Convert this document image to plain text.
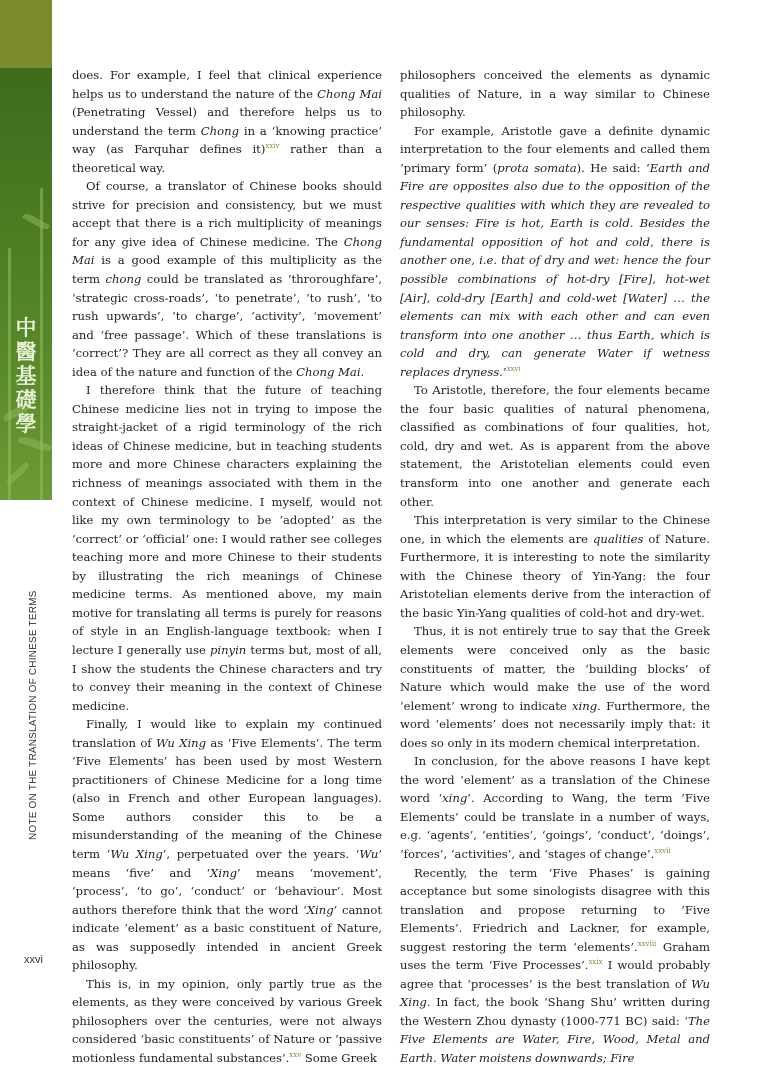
中
醫
基
礎
學
NOTE ON THE TRANSLATION OF CHINESE TERMS
xxvi

does. For example, I feel that clinical experience helps us to understand the nature of the Chong Mai (Penetrating Vessel) and therefore helps us to understand the term Chong in a ‘knowing practice’ way (as Farquhar defines it)$^{xxiv}$ rather than a theoretical way.

Of course, a translator of Chinese books should strive for precision and consistency, but we must accept that there is a rich multiplicity of meanings for any give idea of Chinese medicine. The Chong Mai is a good example of this multiplicity as the term chong could be translated as ‘throroughfare’, ‘strategic cross-roads’, ‘to penetrate’, ‘to rush’, ‘to rush upwards’, ‘to charge’, ‘activity’, ‘movement’ and ‘free passage’. Which of these translations is ‘correct’? They are all correct as they all convey an idea of the nature and function of the Chong Mai.

I therefore think that the future of teaching Chinese medicine lies not in trying to impose the straight-jacket of a rigid terminology of the rich ideas of Chinese medicine, but in teaching students more and more Chinese characters explaining the richness of meanings associated with them in the context of Chinese medicine. I myself, would not like my own terminology to be ‘adopted’ as the ‘correct’ or ‘official’ one: I would rather see colleges teaching more and more Chinese to their students by illustrating the rich meanings of Chinese medicine terms. As mentioned above, my main motive for translating all terms is purely for reasons of style in an English-language textbook: when I lecture I generally use pinyin terms but, most of all, I show the students the Chinese characters and try to convey their meaning in the context of Chinese medicine.

Finally, I would like to explain my continued translation of Wu Xing as ‘Five Elements’. The term ‘Five Elements’ has been used by most Western practitioners of Chinese Medicine for a long time (also in French and other European languages). Some authors consider this to be a misunderstanding of the meaning of the Chinese term ‘Wu Xing’, perpetuated over the years. ‘Wu’ means ‘five’ and ‘Xing’ means ‘movement’, ‘process’, ‘to go’, ‘conduct’ or ‘behaviour’. Most authors therefore think that the word ‘Xing’ cannot indicate ‘element’ as a basic constituent of Nature, as was supposedly intended in ancient Greek philosophy.

This is, in my opinion, only partly true as the elements, as they were conceived by various Greek philosophers over the centuries, were not always considered ‘basic constituents’ of Nature or ‘passive motionless fundamental substances’.$^{xxv}$ Some Greek

philosophers conceived the elements as dynamic qualities of Nature, in a way similar to Chinese philosophy.

For example, Aristotle gave a definite dynamic interpretation to the four elements and called them ‘primary form’ (prota somata). He said: ‘Earth and Fire are opposites also due to the opposition of the respective qualities with which they are revealed to our senses: Fire is hot, Earth is cold. Besides the fundamental opposition of hot and cold, there is another one, i.e. that of dry and wet: hence the four possible combinations of hot-dry [Fire], hot-wet [Air], cold-dry [Earth] and cold-wet [Water] … the elements can mix with each other and can even transform into one another … thus Earth, which is cold and dry, can generate Water if wetness replaces dryness.’$^{xxvi}$

To Aristotle, therefore, the four elements became the four basic qualities of natural phenomena, classified as combinations of four qualities, hot, cold, dry and wet. As is apparent from the above statement, the Aristotelian elements could even transform into one another and generate each other.

This interpretation is very similar to the Chinese one, in which the elements are qualities of Nature. Furthermore, it is interesting to note the similarity with the Chinese theory of Yin-Yang: the four Aristotelian elements derive from the interaction of the basic Yin-Yang qualities of cold-hot and dry-wet.

Thus, it is not entirely true to say that the Greek elements were conceived only as the basic constituents of matter, the ‘building blocks’ of Nature which would make the use of the word ‘element’ wrong to indicate xing. Furthermore, the word ‘elements’ does not necessarily imply that: it does so only in its modern chemical interpretation.

In conclusion, for the above reasons I have kept the word ‘element’ as a translation of the Chinese word ‘xing’. According to Wang, the term ‘Five Elements’ could be translate in a number of ways, e.g. ‘agents’, ‘entities’, ‘goings’, ‘conduct’, ‘doings’, ‘forces’, ‘activities’, and ‘stages of change’.$^{xxvii}$

Recently, the term ‘Five Phases’ is gaining acceptance but some sinologists disagree with this translation and propose returning to ‘Five Elements’. Friedrich and Lackner, for example, suggest restoring the term ‘elements’.$^{xxviii}$ Graham uses the term ‘Five Processes’.$^{xxix}$ I would probably agree that ‘processes’ is the best translation of Wu Xing. In fact, the book ‘Shang Shu’ written during the Western Zhou dynasty (1000-771 BC) said: ‘The Five Elements are Water, Fire, Wood, Metal and Earth. Water moistens downwards; Fire
